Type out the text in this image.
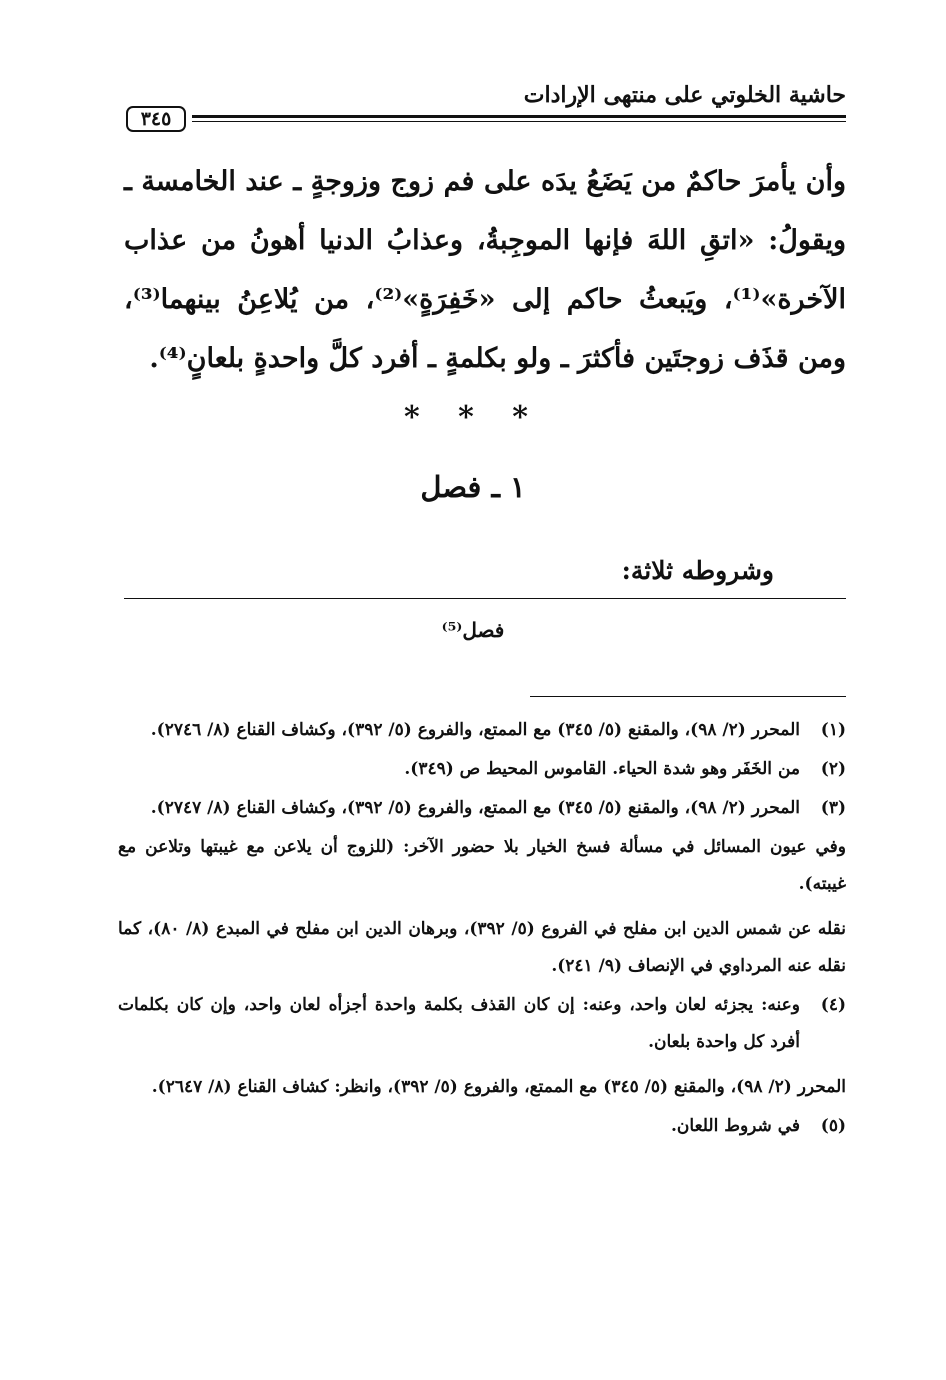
حاشية الخلوتي على منتهى الإرادات
٣٤٥

وأن يأمرَ حاكمٌ من يَضَعُ يدَه على فم زوج وزوجةٍ ـ عند الخامسة ـ ويقولُ: «اتقِ اللهَ فإنها الموجِبةُ، وعذابُ الدنيا أهونُ من عذاب الآخرة»⁽¹⁾، ويَبعثُ حاكم إلى «خَفِرَةٍ»⁽²⁾، من يُلاعِنُ بينهما⁽³⁾، ومن قذَف زوجتَين فأكثرَ ـ ولو بكلمةٍ ـ أفرد كلَّ واحدةٍ بلعانٍ⁽⁴⁾.

* * *
١ ـ فصل
وشروطه ثلاثة:
فصل⁽⁵⁾
(١)
المحرر (٢/ ٩٨)، والمقنع (٥/ ٣٤٥) مع الممتع، والفروع (٥/ ٣٩٢)، وكشاف القناع (٨/ ٢٧٤٦).
(٢)
من الخَفَر وهو شدة الحياء. القاموس المحيط ص (٣٤٩).
(٣)
المحرر (٢/ ٩٨)، والمقنع (٥/ ٣٤٥) مع الممتع، والفروع (٥/ ٣٩٢)، وكشاف القناع (٨/ ٢٧٤٧).
وفي عيون المسائل في مسألة فسخ الخيار بلا حضور الآخر: (للزوج أن يلاعن مع غيبتها وتلاعن مع غيبته).
نقله عن شمس الدين ابن مفلح في الفروع (٥/ ٣٩٢)، وبرهان الدين ابن مفلح في المبدع (٨/ ٨٠)، كما نقله عنه المرداوي في الإنصاف (٩/ ٢٤١).
(٤)
وعنه: يجزئه لعان واحد، وعنه: إن كان القذف بكلمة واحدة أجزأه لعان واحد، وإن كان بكلمات أفرد كل واحدة بلعان.
المحرر (٢/ ٩٨)، والمقنع (٥/ ٣٤٥) مع الممتع، والفروع (٥/ ٣٩٢)، وانظر: كشاف القناع (٨/ ٢٦٤٧).
(٥)
في شروط اللعان.
